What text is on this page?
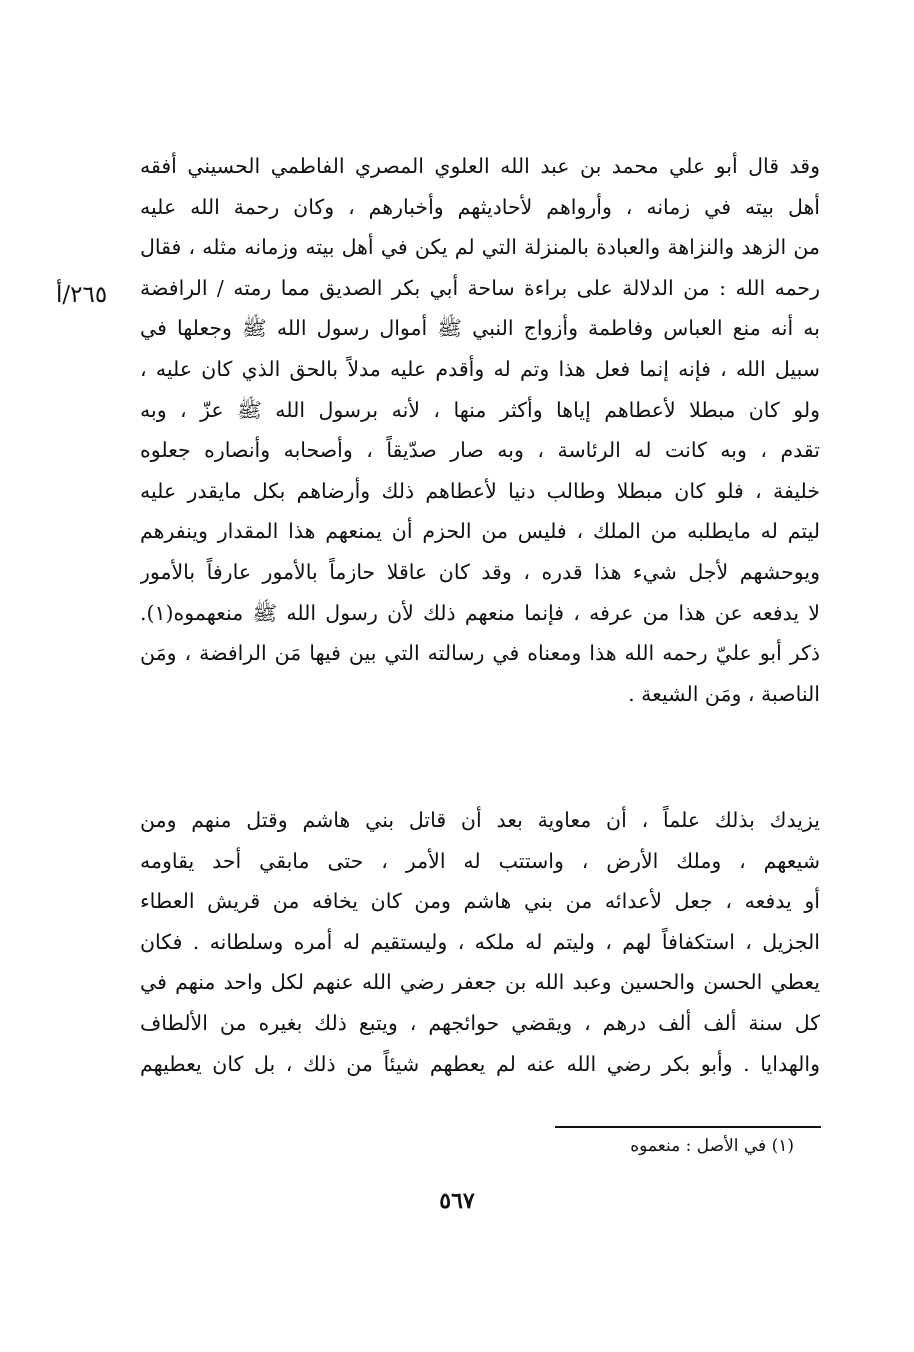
٢٦٥/أ
وقد قال أبو علي محمد بن عبد الله العلوي المصري الفاطمي الحسيني أفقه
أهل بيته في زمانه ، وأرواهم لأحاديثهم وأخبارهم ، وكان رحمة الله عليه
من الزهد والنزاهة والعبادة بالمنزلة التي لم يكن في أهل بيته وزمانه مثله ، فقال
رحمه الله : من الدلالة على براءة ساحة أبي بكر الصديق مما رمته / الرافضة
به أنه منع العباس وفاطمة وأزواج النبي ﷺ أموال رسول الله ﷺ وجعلها في
سبيل الله ، فإنه إنما فعل هذا وتم له وأقدم عليه مدلاً بالحق الذي كان عليه ،
ولو كان مبطلا لأعطاهم إياها وأكثر منها ، لأنه برسول الله ﷺ عزّ ، وبه
تقدم ، وبه كانت له الرئاسة ، وبه صار صدّيقاً ، وأصحابه وأنصاره جعلوه
خليفة ، فلو كان مبطلا وطالب دنيا لأعطاهم ذلك وأرضاهم بكل مايقدر عليه
ليتم له مايطلبه من الملك ، فليس من الحزم أن يمنعهم هذا المقدار وينفرهم
ويوحشهم لأجل شيء هذا قدره ، وقد كان عاقلا حازماً بالأمور عارفاً بالأمور
لا يدفعه عن هذا من عرفه ، فإنما منعهم ذلك لأن رسول الله ﷺ منعهموه(١).
ذكر أبو عليّ رحمه الله هذا ومعناه في رسالته التي بين فيها مَن الرافضة ، ومَن
الناصبة ، ومَن الشيعة .
يزيدك بذلك علماً ، أن معاوية بعد أن قاتل بني هاشم وقتل منهم ومن
شيعهم ، وملك الأرض ، واستتب له الأمر ، حتى مابقي أحد يقاومه
أو يدفعه ، جعل لأعدائه من بني هاشم ومن كان يخافه من قريش العطاء
الجزيل ، استكفافاً لهم ، وليتم له ملكه ، وليستقيم له أمره وسلطانه . فكان
يعطي الحسن والحسين وعبد الله بن جعفر رضي الله عنهم لكل واحد منهم في
كل سنة ألف ألف درهم ، ويقضي حوائجهم ، ويتبع ذلك بغيره من الألطاف
والهدايا . وأبو بكر رضي الله عنه لم يعطهم شيئاً من ذلك ، بل كان يعطيهم
(١) في الأصل : منعموه
٥٦٧
